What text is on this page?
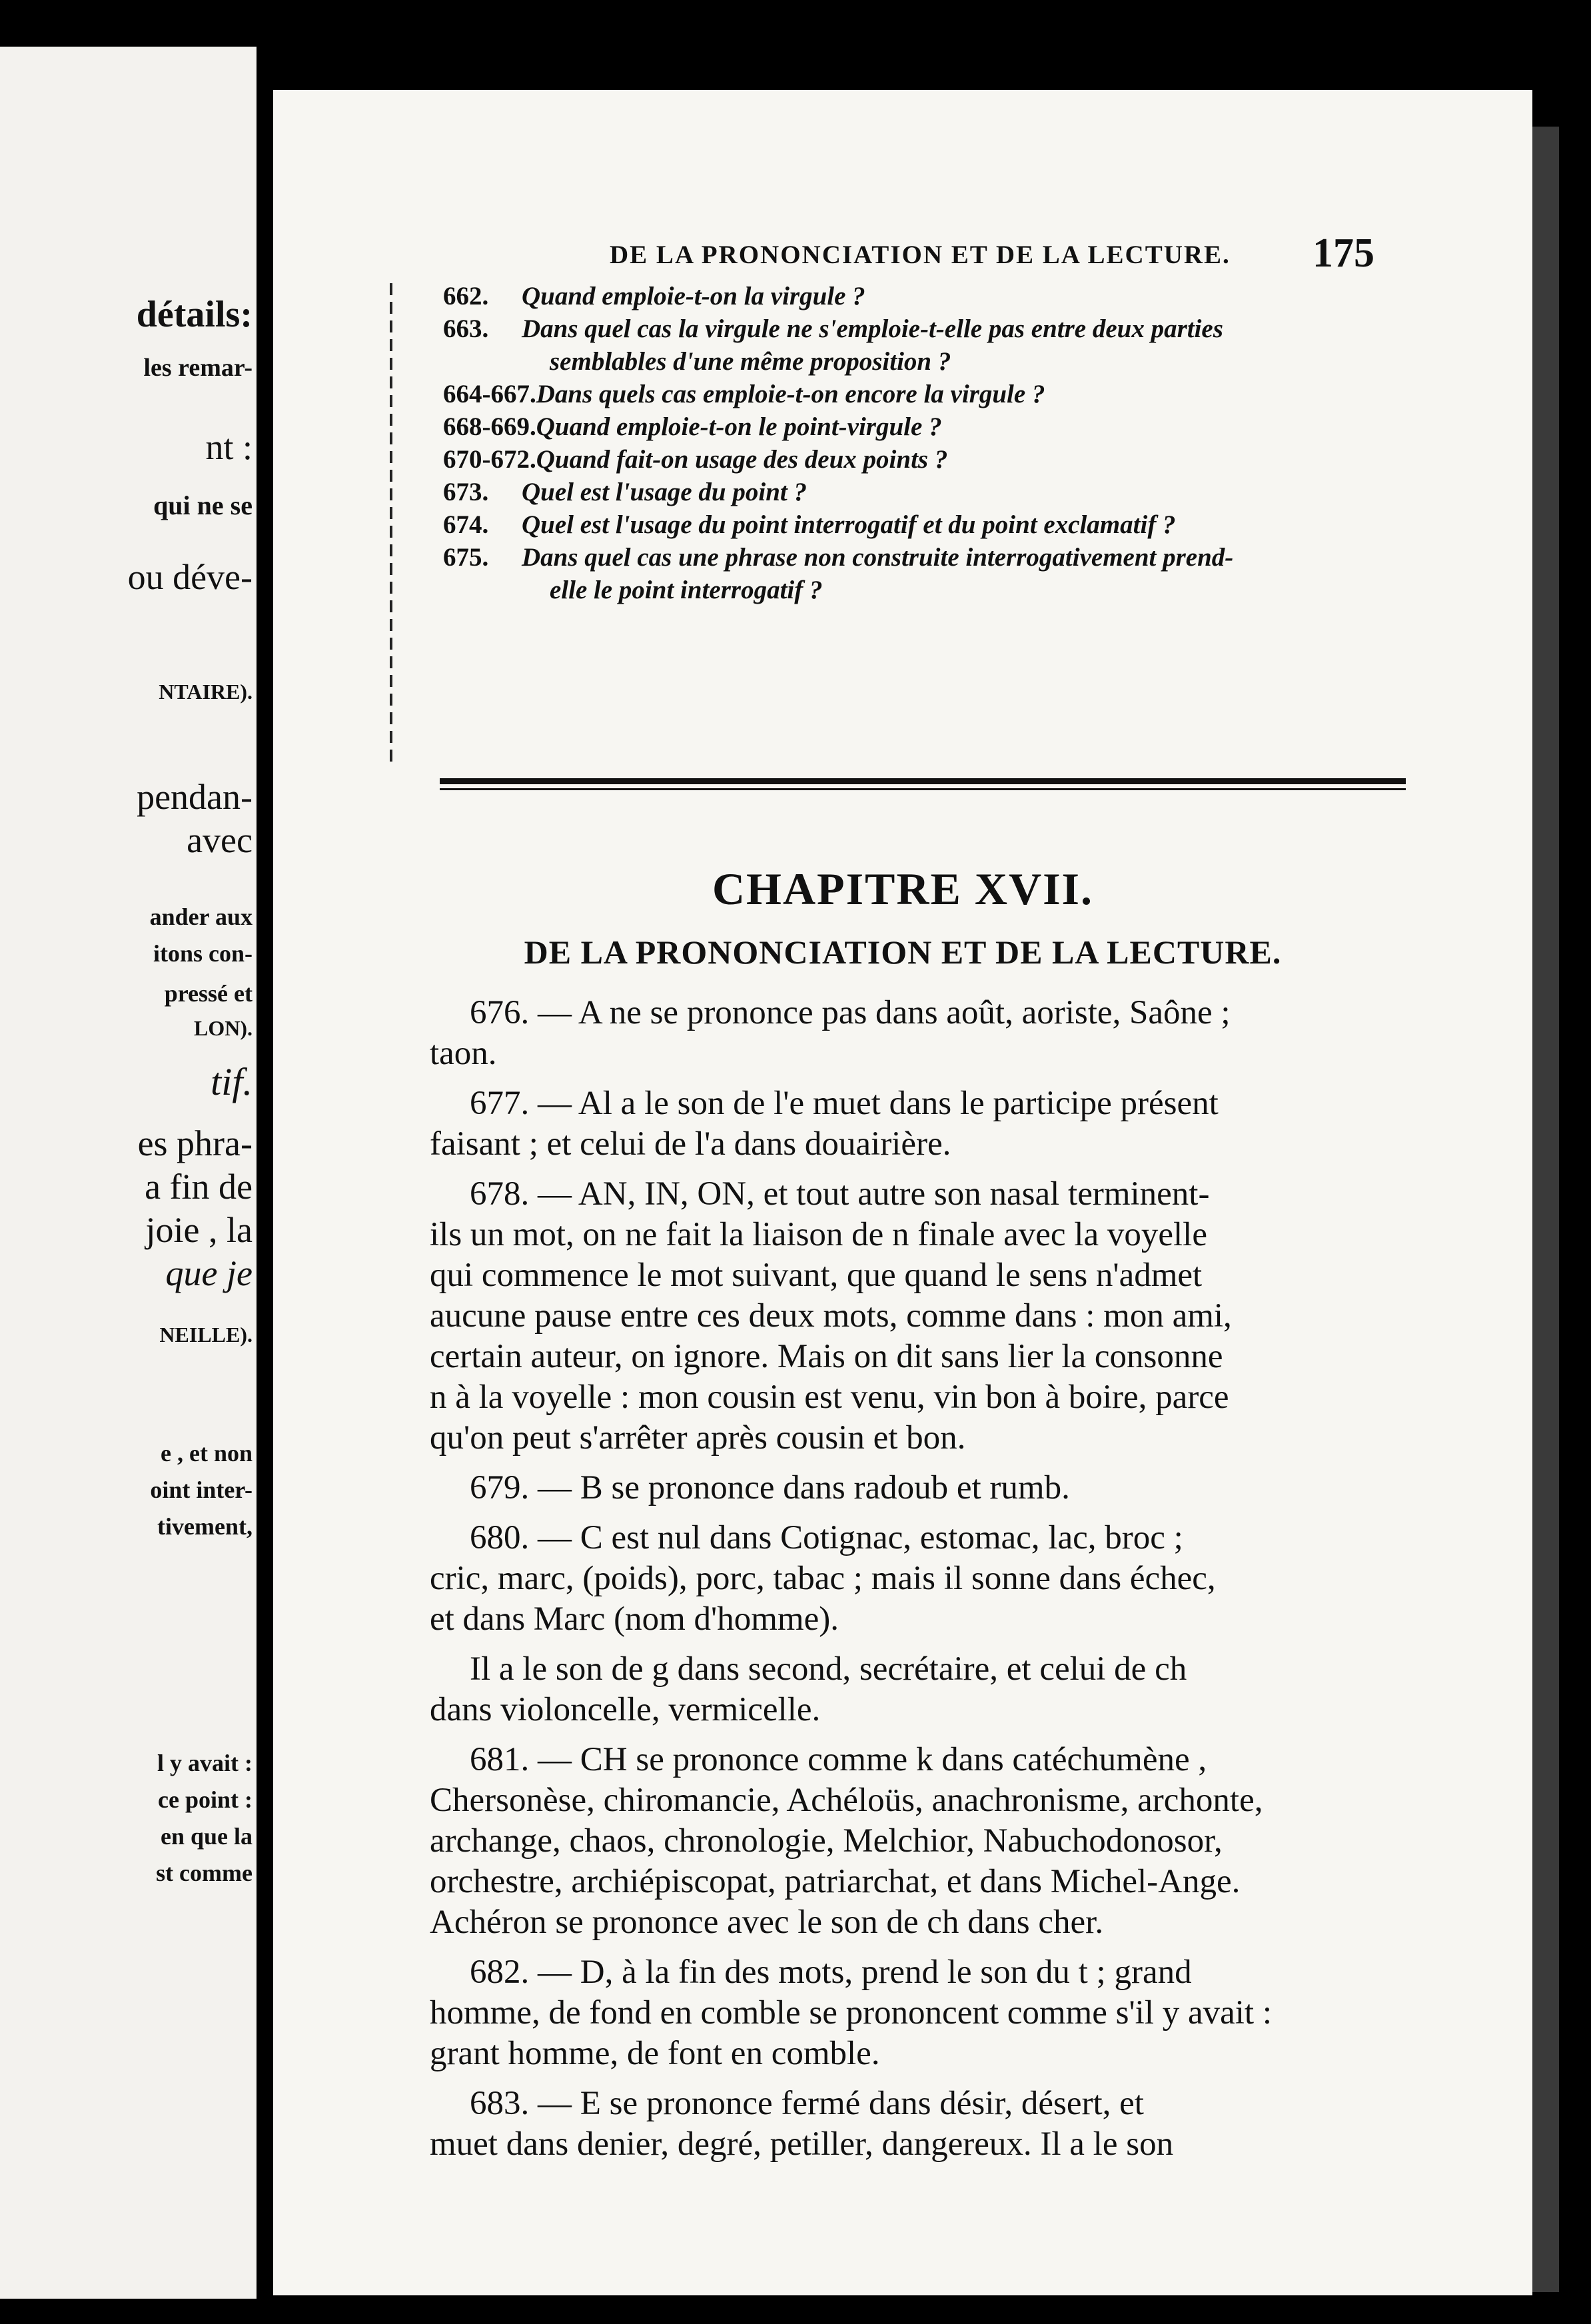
détails:
les remar-
nt :
qui ne se
ou déve-
NTAIRE).
pendan-
avec
ander aux
itons con-
pressé et
LON).
tif.
es phra-
a fin de
joie , la
que je
NEILLE).
e , et non
oint inter-
tivement,
l y avait :
ce point :
en que la
st comme
DE LA PRONONCIATION ET DE LA LECTURE. 175
662. Quand emploie-t-on la virgule ?
663. Dans quel cas la virgule ne s'emploie-t-elle pas entre deux parties
semblables d'une même proposition ?
664-667.Dans quels cas emploie-t-on encore la virgule ?
668-669.Quand emploie-t-on le point-virgule ?
670-672.Quand fait-on usage des deux points ?
673. Quel est l'usage du point ?
674. Quel est l'usage du point interrogatif et du point exclamatif ?
675. Dans quel cas une phrase non construite interrogativement prend-
elle le point interrogatif ?
CHAPITRE XVII.
DE LA PRONONCIATION ET DE LA LECTURE.
676. — A ne se prononce pas dans août, aoriste, Saône ;
taon.
677. — Al a le son de l'e muet dans le participe présent
faisant ; et celui de l'a dans douairière.
678. — AN, IN, ON, et tout autre son nasal terminent-
ils un mot, on ne fait la liaison de n finale avec la voyelle
qui commence le mot suivant, que quand le sens n'admet
aucune pause entre ces deux mots, comme dans : mon ami,
certain auteur, on ignore. Mais on dit sans lier la consonne
n à la voyelle : mon cousin est venu, vin bon à boire, parce
qu'on peut s'arrêter après cousin et bon.
679. — B se prononce dans radoub et rumb.
680. — C est nul dans Cotignac, estomac, lac, broc ;
cric, marc, (poids), porc, tabac ; mais il sonne dans échec,
et dans Marc (nom d'homme).
Il a le son de g dans second, secrétaire, et celui de ch
dans violoncelle, vermicelle.
681. — CH se prononce comme k dans catéchumène ,
Chersonèse, chiromancie, Achéloüs, anachronisme, archonte,
archange, chaos, chronologie, Melchior, Nabuchodonosor,
orchestre, archiépiscopat, patriarchat, et dans Michel-Ange.
Achéron se prononce avec le son de ch dans cher.
682. — D, à la fin des mots, prend le son du t ; grand
homme, de fond en comble se prononcent comme s'il y avait :
grant homme, de font en comble.
683. — E se prononce fermé dans désir, désert, et
muet dans denier, degré, petiller, dangereux. Il a le son
